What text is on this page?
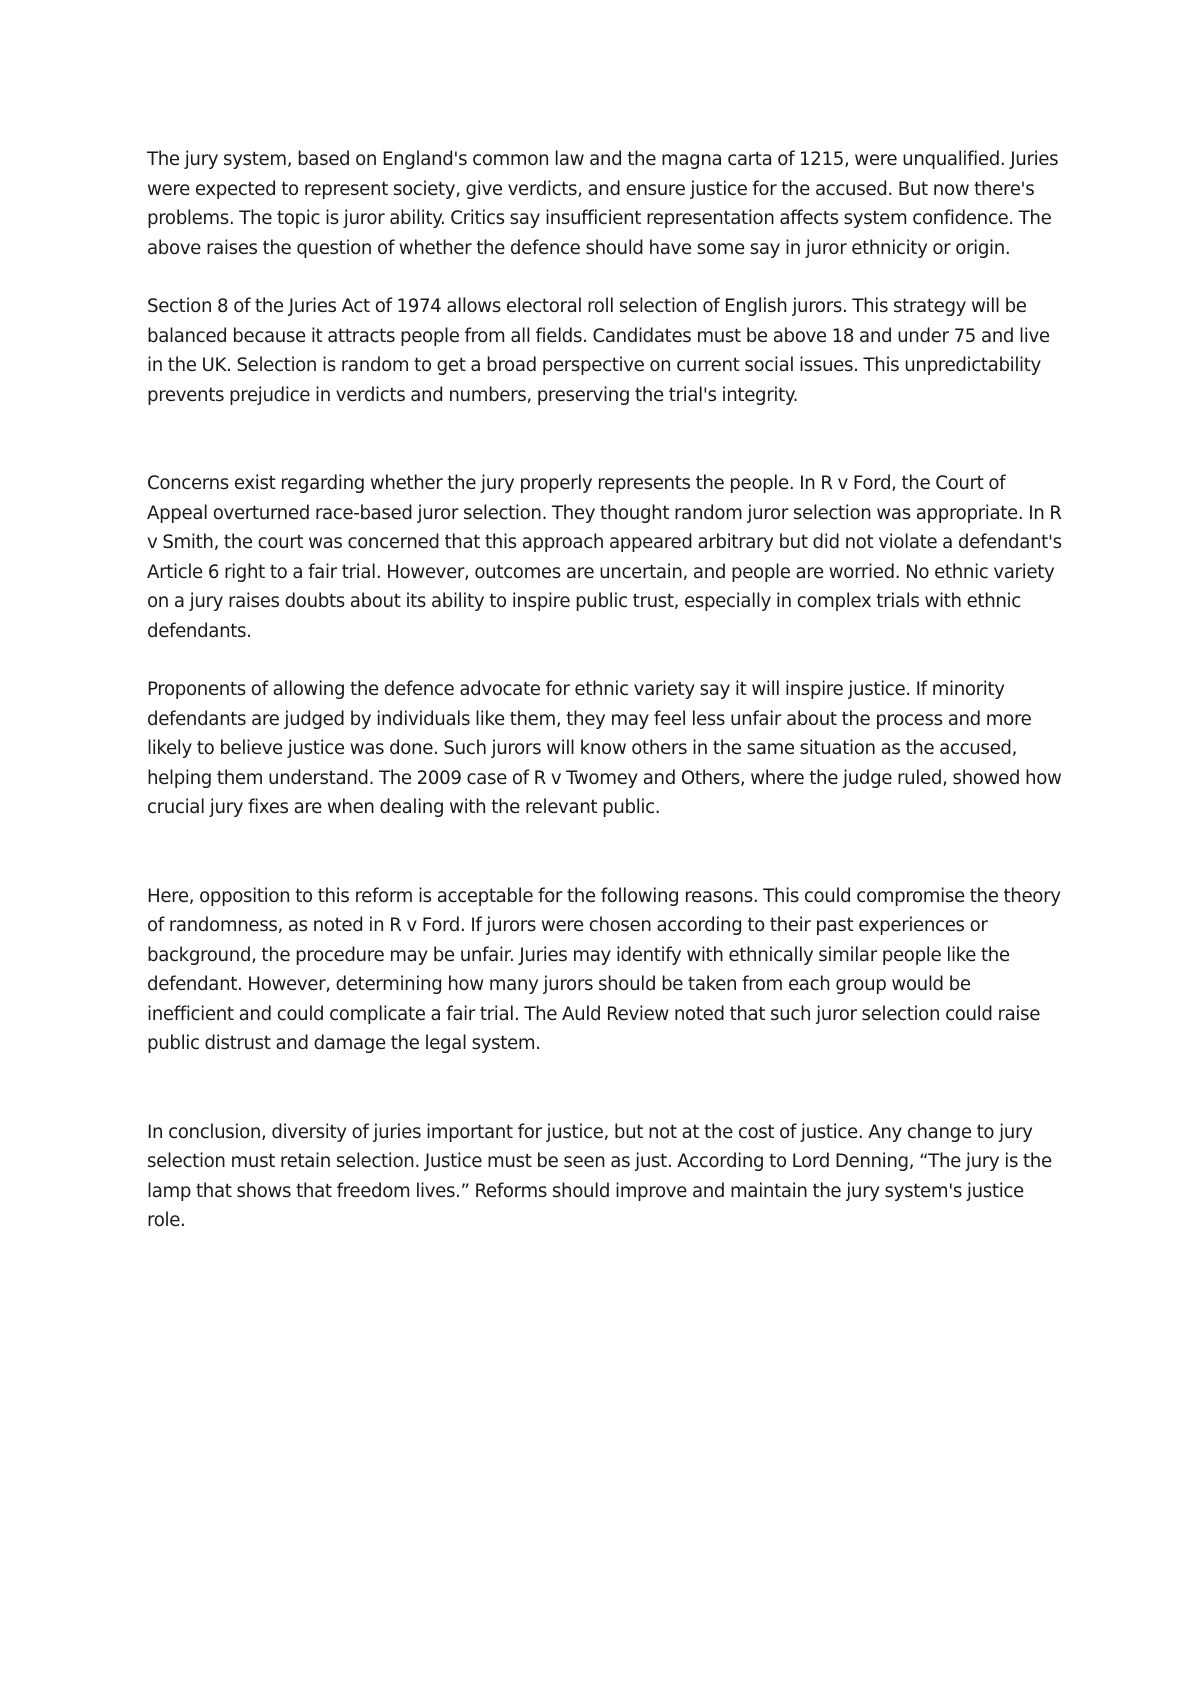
The jury system, based on England's common law and the magna carta of 1215, were unqualified. Juries were expected to represent society, give verdicts, and ensure justice for the accused. But now there's problems. The topic is juror ability. Critics say insufficient representation affects system confidence. The above raises the question of whether the defence should have some say in juror ethnicity or origin.

Section 8 of the Juries Act of 1974 allows electoral roll selection of English jurors. This strategy will be balanced because it attracts people from all fields. Candidates must be above 18 and under 75 and live in the UK. Selection is random to get a broad perspective on current social issues. This unpredictability prevents prejudice in verdicts and numbers, preserving the trial's integrity.

Concerns exist regarding whether the jury properly represents the people. In R v Ford, the Court of Appeal overturned race-based juror selection. They thought random juror selection was appropriate. In R v Smith, the court was concerned that this approach appeared arbitrary but did not violate a defendant's Article 6 right to a fair trial. However, outcomes are uncertain, and people are worried. No ethnic variety on a jury raises doubts about its ability to inspire public trust, especially in complex trials with ethnic defendants.

Proponents of allowing the defence advocate for ethnic variety say it will inspire justice. If minority defendants are judged by individuals like them, they may feel less unfair about the process and more likely to believe justice was done. Such jurors will know others in the same situation as the accused, helping them understand. The 2009 case of R v Twomey and Others, where the judge ruled, showed how crucial jury fixes are when dealing with the relevant public.

Here, opposition to this reform is acceptable for the following reasons. This could compromise the theory of randomness, as noted in R v Ford. If jurors were chosen according to their past experiences or background, the procedure may be unfair. Juries may identify with ethnically similar people like the defendant. However, determining how many jurors should be taken from each group would be inefficient and could complicate a fair trial. The Auld Review noted that such juror selection could raise public distrust and damage the legal system.

In conclusion, diversity of juries important for justice, but not at the cost of justice. Any change to jury selection must retain selection. Justice must be seen as just. According to Lord Denning, “The jury is the lamp that shows that freedom lives.” Reforms should improve and maintain the jury system's justice role.
